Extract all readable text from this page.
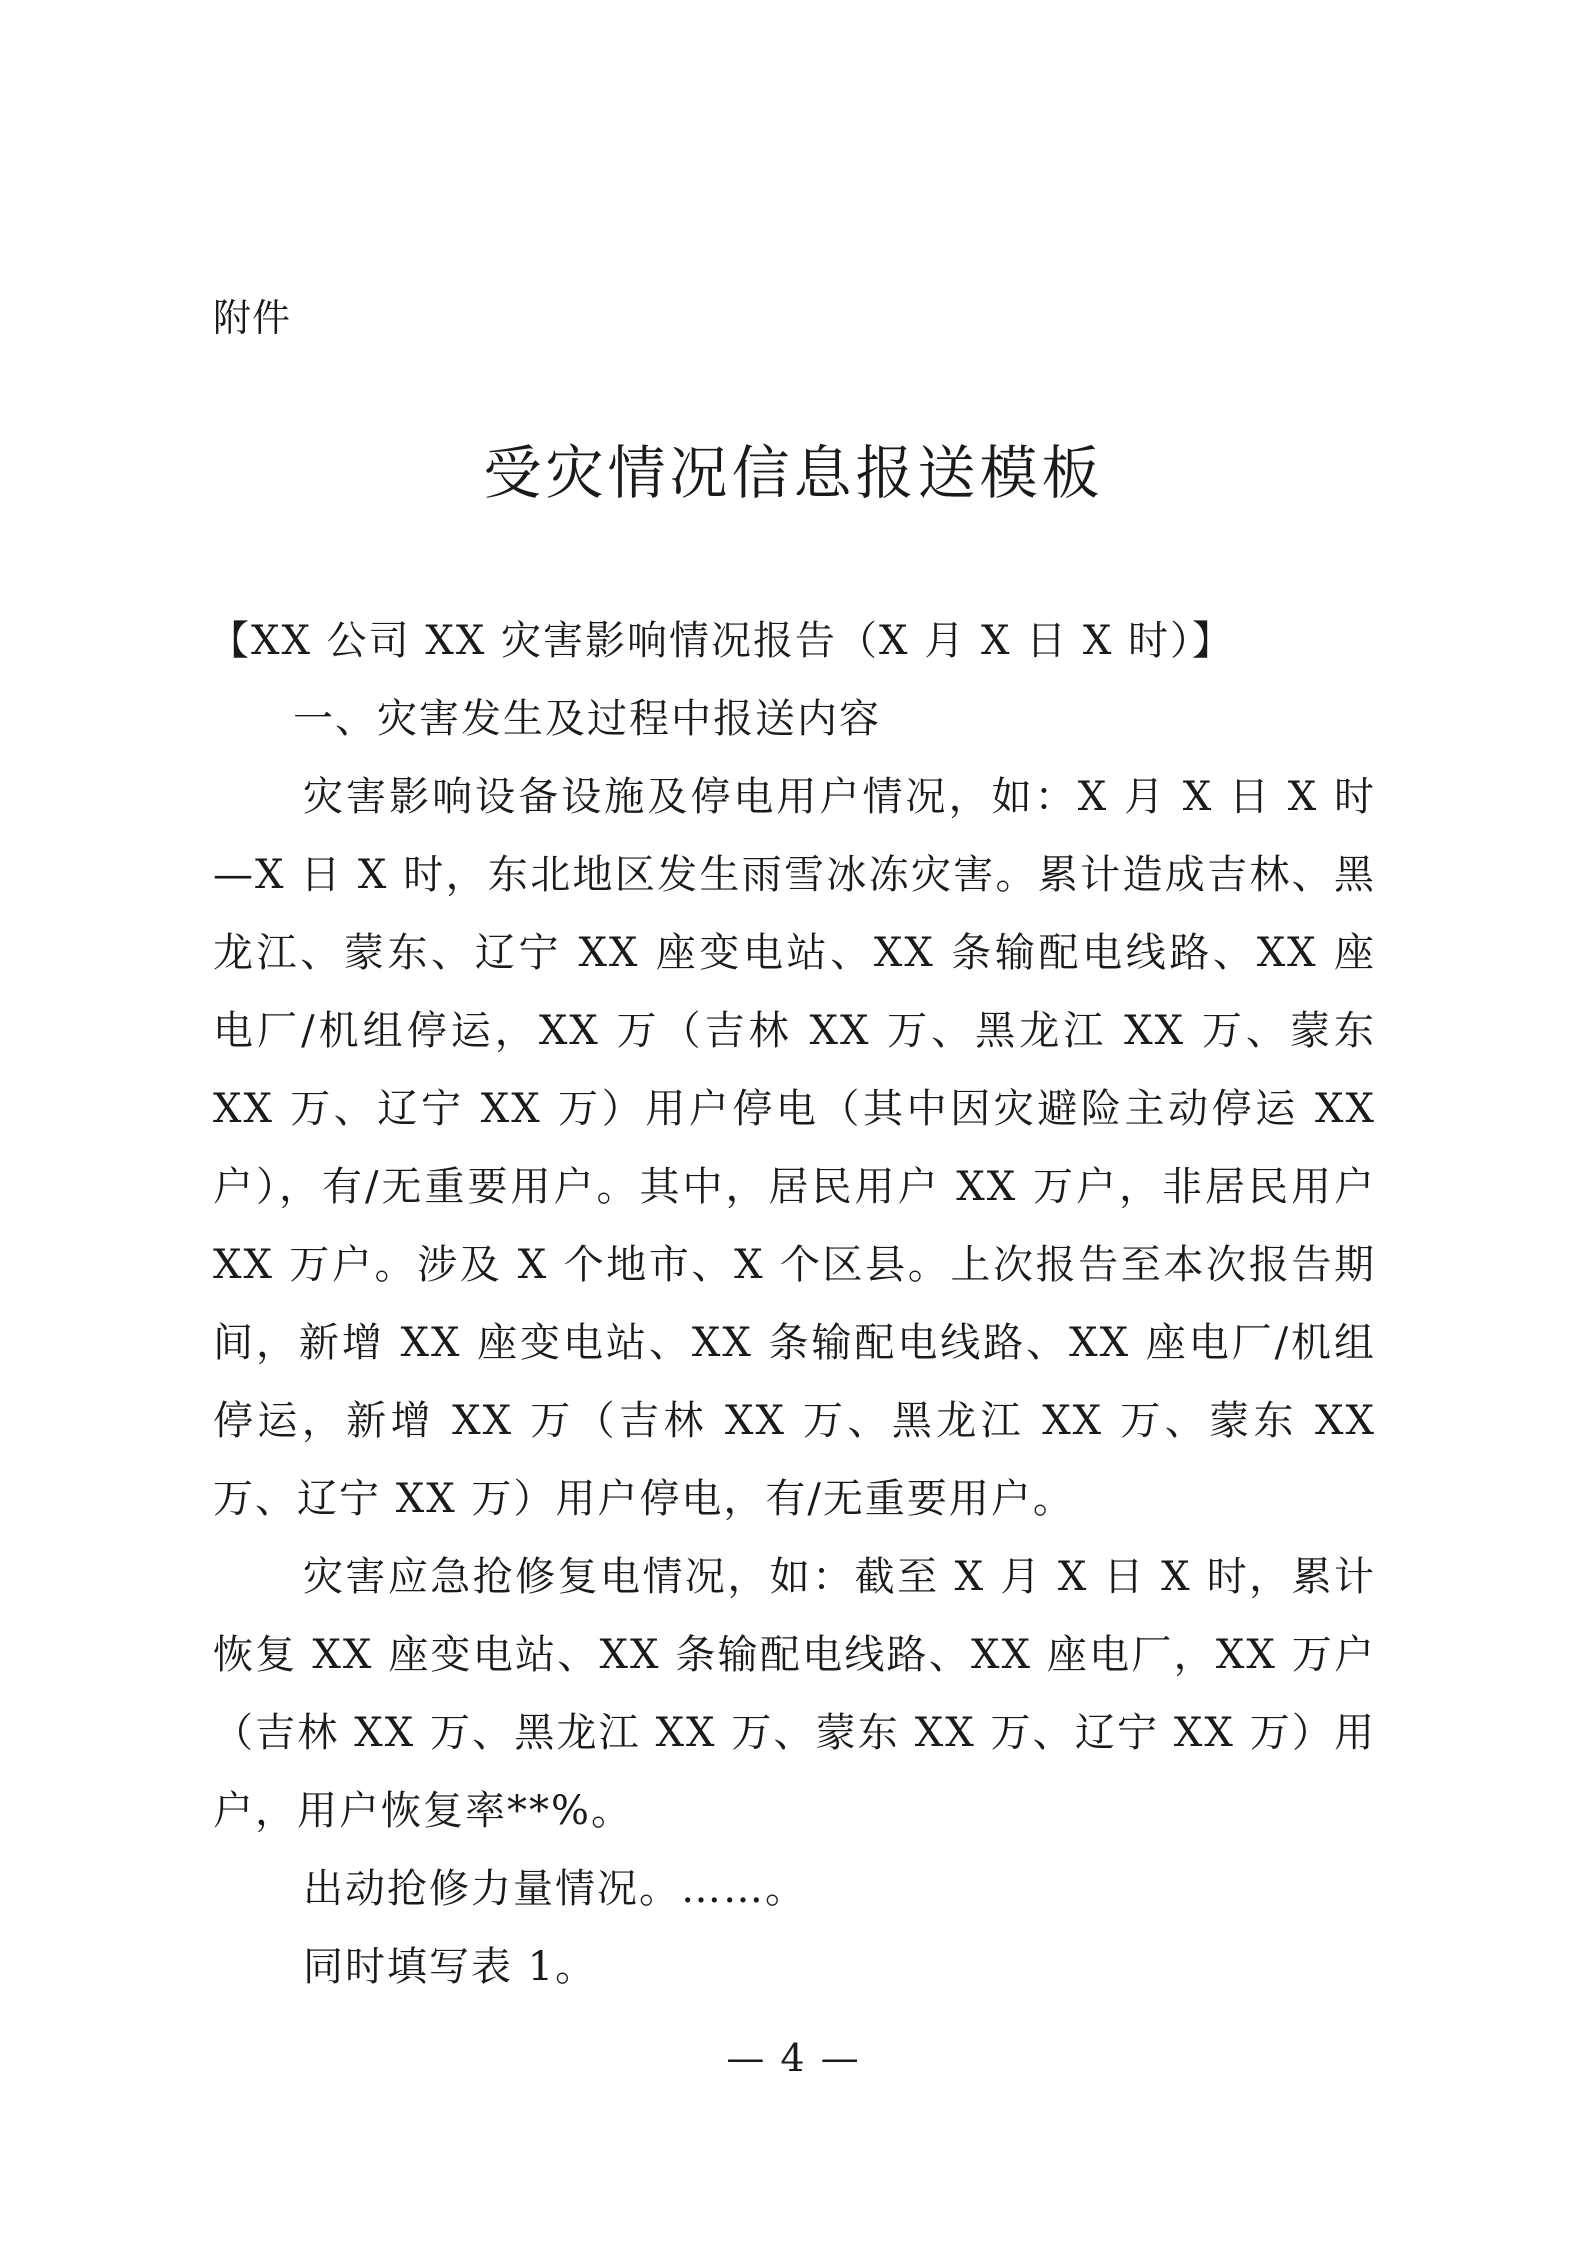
附件
受灾情况信息报送模板

【XX 公司 XX 灾害影响情况报告（X 月 X 日 X 时）】

一、灾害发生及过程中报送内容

灾害影响设备设施及停电用户情况，如：X 月 X 日 X 时—X 日 X 时，东北地区发生雨雪冰冻灾害。累计造成吉林、黑龙江、蒙东、辽宁 XX 座变电站、XX 条输配电线路、XX 座电厂/机组停运，XX 万（吉林 XX 万、黑龙江 XX 万、蒙东 XX 万、辽宁 XX 万）用户停电（其中因灾避险主动停运 XX 户），有/无重要用户。其中，居民用户 XX 万户，非居民用户 XX 万户。涉及 X 个地市、X 个区县。上次报告至本次报告期间，新增 XX 座变电站、XX 条输配电线路、XX 座电厂/机组停运，新增 XX 万（吉林 XX 万、黑龙江 XX 万、蒙东 XX 万、辽宁 XX 万）用户停电，有/无重要用户。

灾害应急抢修复电情况，如：截至 X 月 X 日 X 时，累计恢复 XX 座变电站、XX 条输配电线路、XX 座电厂，XX 万户（吉林 XX 万、黑龙江 XX 万、蒙东 XX 万、辽宁 XX 万）用户，用户恢复率**%。

出动抢修力量情况。……。

同时填写表 1。

— 4 —
